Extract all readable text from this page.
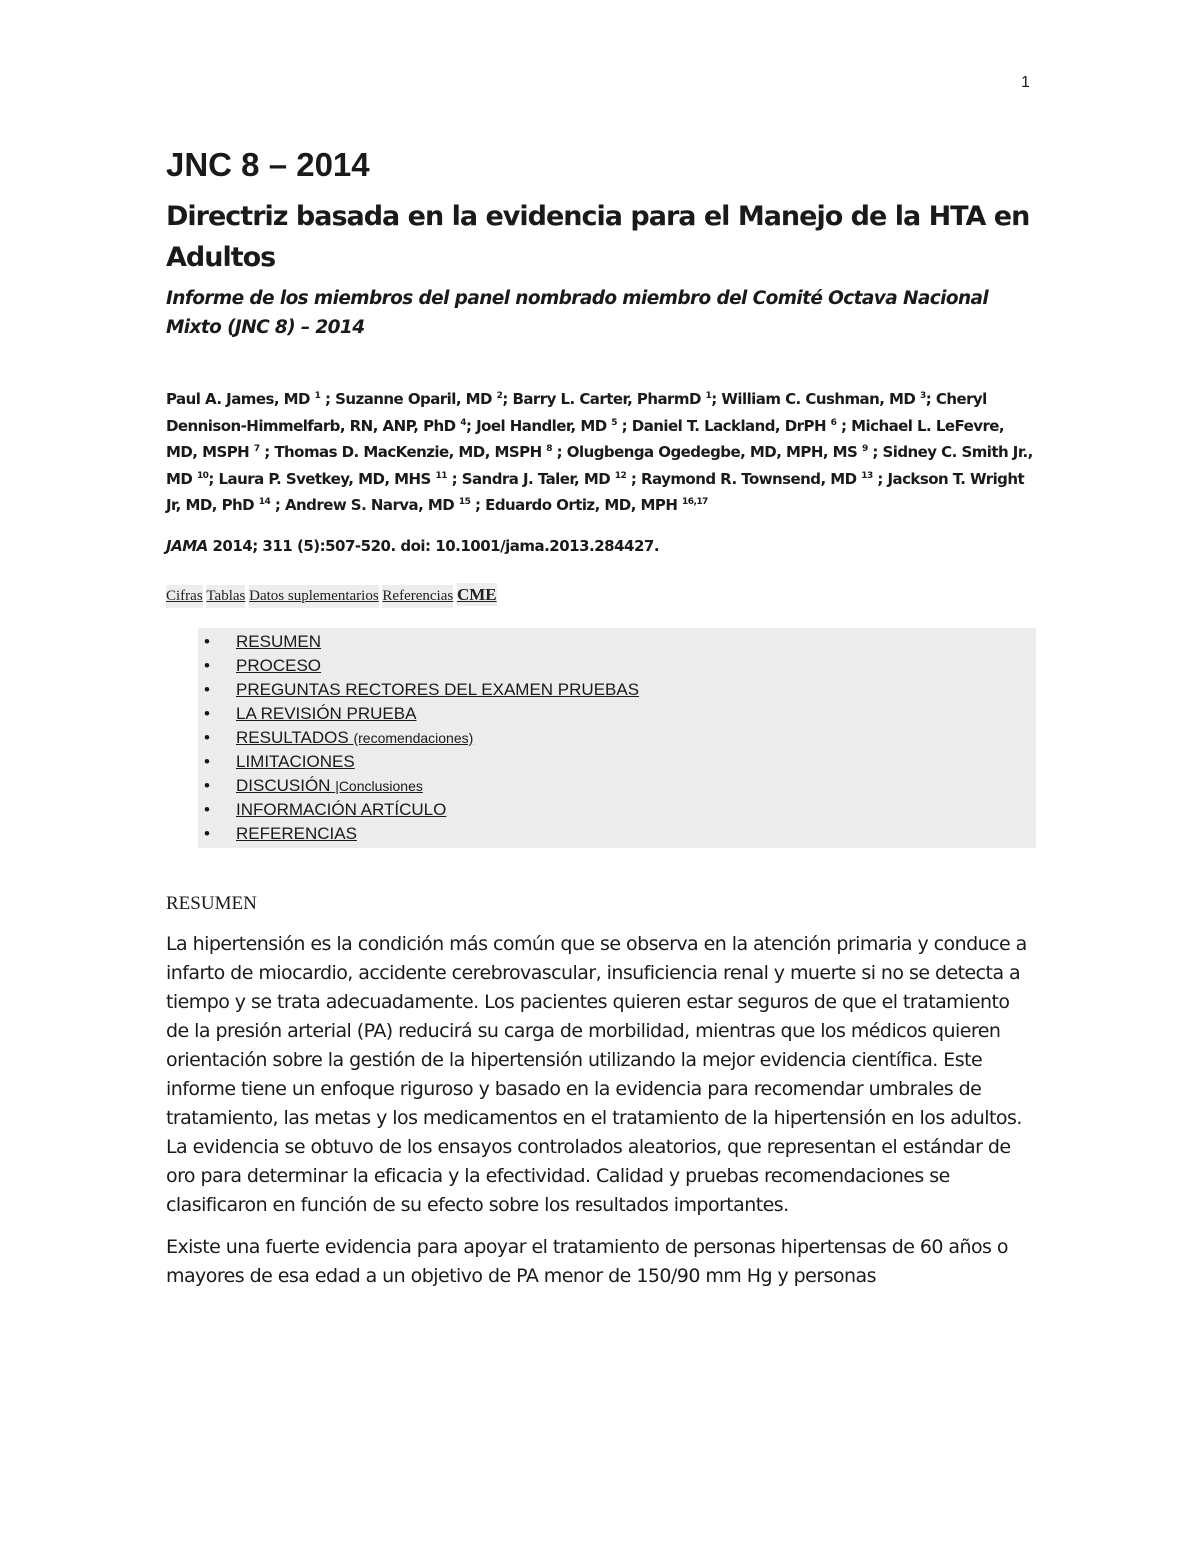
1
JNC 8 – 2014
Directriz basada en la evidencia para el Manejo de la HTA en Adultos

Informe de los miembros del panel nombrado miembro del Comité Octava Nacional Mixto (JNC 8) – 2014

Paul A. James, MD $^1$ ; Suzanne Oparil, MD $^2$; Barry L. Carter, PharmD $^1$; William C. Cushman, MD $^3$; Cheryl Dennison-Himmelfarb, RN, ANP, PhD $^4$; Joel Handler, MD $^5$ ; Daniel T. Lackland, DrPH $^6$ ; Michael L. LeFevre, MD, MSPH $^7$ ; Thomas D. MacKenzie, MD, MSPH $^8$ ; Olugbenga Ogedegbe, MD, MPH, MS $^9$ ; Sidney C. Smith Jr., MD $^{10}$; Laura P. Svetkey, MD, MHS $^{11}$ ; Sandra J. Taler, MD $^{12}$ ; Raymond R. Townsend, MD $^{13}$ ; Jackson T. Wright Jr, MD, PhD $^{14}$ ; Andrew S. Narva, MD $^{15}$ ; Eduardo Ortiz, MD, MPH $^{16,17}$

JAMA 2014; 311 (5):507-520. doi: 10.1001/jama.2013.284427.

Cifras Tablas Datos suplementarios Referencias CME
• RESUMEN
• PROCESO
• PREGUNTAS RECTORES DEL EXAMEN PRUEBAS
• LA REVISIÓN PRUEBA
• RESULTADOS (recomendaciones)
• LIMITACIONES
• DISCUSIÓN |Conclusiones
• INFORMACIÓN ARTÍCULO
• REFERENCIAS
RESUMEN

La hipertensión es la condición más común que se observa en la atención primaria y conduce a infarto de miocardio, accidente cerebrovascular, insuficiencia renal y muerte si no se detecta a tiempo y se trata adecuadamente. Los pacientes quieren estar seguros de que el tratamiento de la presión arterial (PA) reducirá su carga de morbilidad, mientras que los médicos quieren orientación sobre la gestión de la hipertensión utilizando la mejor evidencia científica. Este informe tiene un enfoque riguroso y basado en la evidencia para recomendar umbrales de tratamiento, las metas y los medicamentos en el tratamiento de la hipertensión en los adultos. La evidencia se obtuvo de los ensayos controlados aleatorios, que representan el estándar de oro para determinar la eficacia y la efectividad. Calidad y pruebas recomendaciones se clasificaron en función de su efecto sobre los resultados importantes.

Existe una fuerte evidencia para apoyar el tratamiento de personas hipertensas de 60 años o mayores de esa edad a un objetivo de PA menor de 150/90 mm Hg y personas
